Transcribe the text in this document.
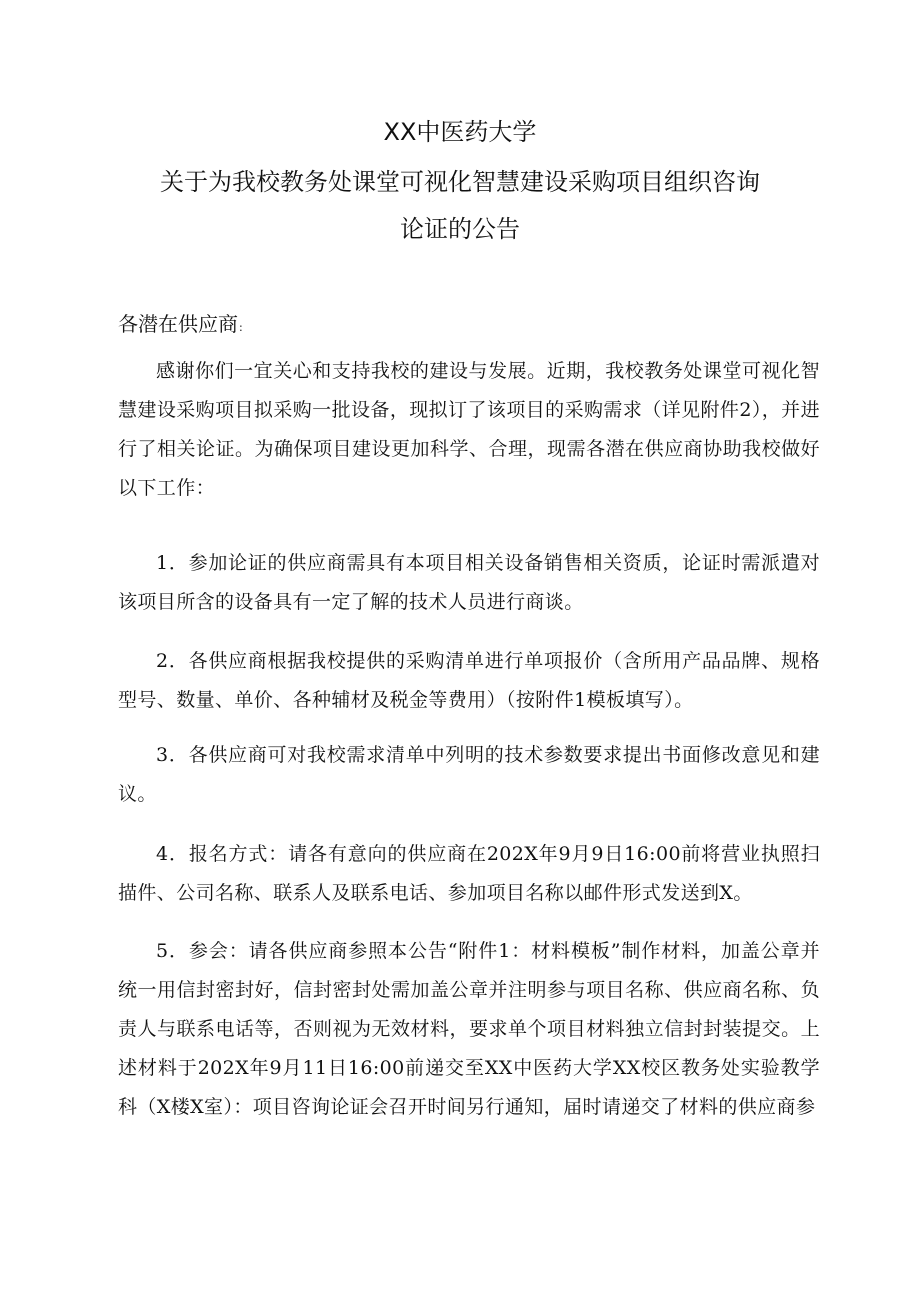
XX中医药大学
关于为我校教务处课堂可视化智慧建设采购项目组织咨询
论证的公告
各潜在供应商:

感谢你们一宜关心和支持我校的建设与发展。近期，我校教务处课堂可视化智慧建设采购项目拟采购一批设备，现拟订了该项目的采购需求（详见附件2），并进行了相关论证。为确保项目建设更加科学、合理，现需各潜在供应商协助我校做好以下工作：

1．参加论证的供应商需具有本项目相关设备销售相关资质，论证时需派遣对该项目所含的设备具有一定了解的技术人员进行商谈。

2．各供应商根据我校提供的采购清单进行单项报价（含所用产品品牌、规格型号、数量、单价、各种辅材及税金等费用）（按附件1模板填写）。

3．各供应商可对我校需求清单中列明的技术参数要求提出书面修改意见和建议。

4．报名方式：请各有意向的供应商在202X年9月9日16:00前将营业执照扫描件、公司名称、联系人及联系电话、参加项目名称以邮件形式发送到X。

5．参会：请各供应商参照本公告“附件1：材料模板”制作材料，加盖公章并统一用信封密封好，信封密封处需加盖公章并注明参与项目名称、供应商名称、负责人与联系电话等，否则视为无效材料，要求单个项目材料独立信封封装提交。上述材料于202X年9月11日16:00前递交至XX中医药大学XX校区教务处实验教学科（X楼X室）：项目咨询论证会召开时间另行通知，届时请递交了材料的供应商参
